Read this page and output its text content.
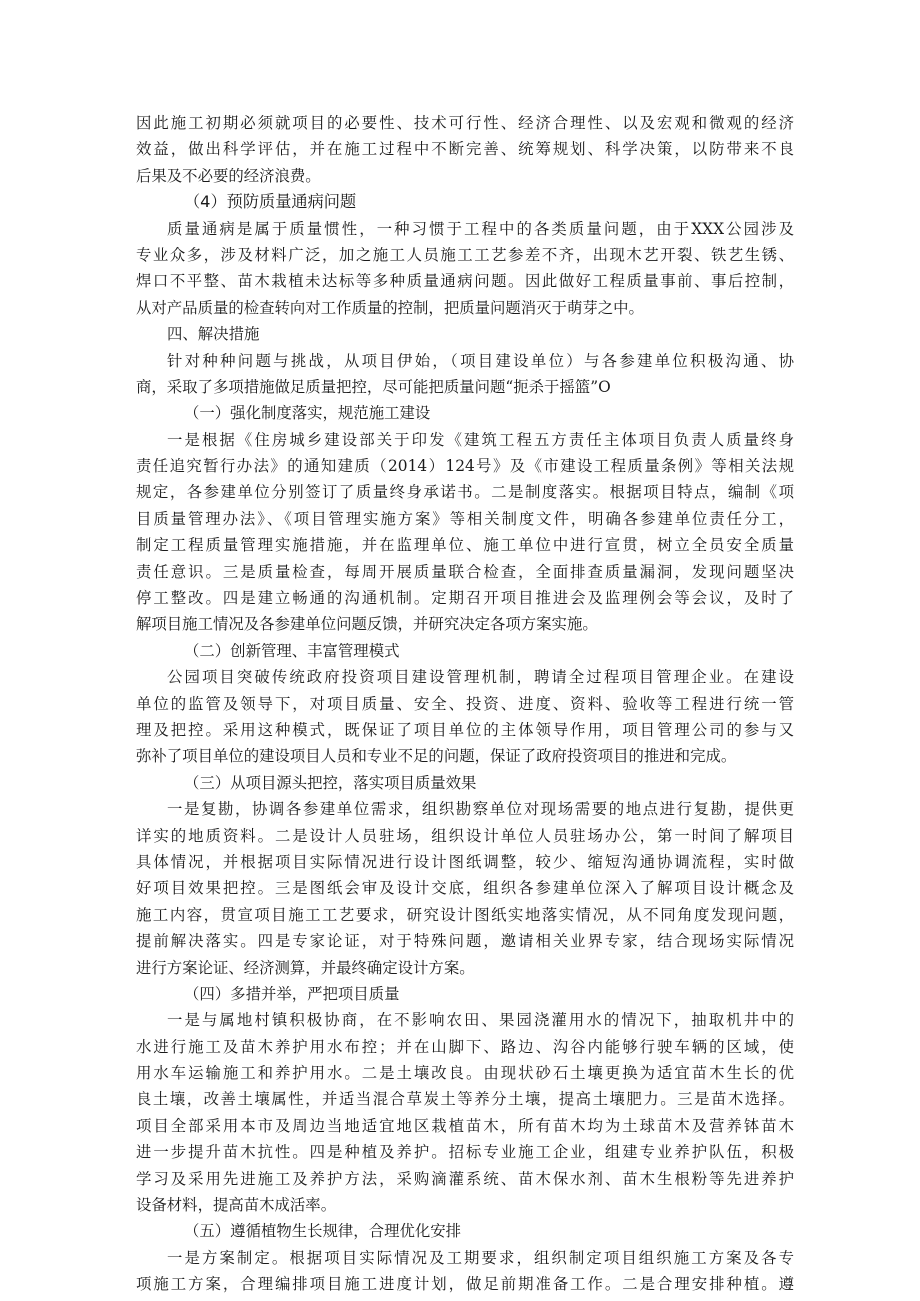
因此施工初期必须就项目的必要性、技术可行性、经济合理性、以及宏观和微观的经济
效益，做出科学评估，并在施工过程中不断完善、统筹规划、科学决策，以防带来不良
后果及不必要的经济浪费。
（4）预防质量通病问题
质量通病是属于质量惯性，一种习惯于工程中的各类质量问题，由于XXX公园涉及
专业众多，涉及材料广泛，加之施工人员施工工艺参差不齐，出现木艺开裂、铁艺生锈、
焊口不平整、苗木栽植未达标等多种质量通病问题。因此做好工程质量事前、事后控制，
从对产品质量的检查转向对工作质量的控制，把质量问题消灭于萌芽之中。
四、解决措施
针对种种问题与挑战，从项目伊始，（项目建设单位）与各参建单位积极沟通、协
商，采取了多项措施做足质量把控，尽可能把质量问题“扼杀于摇篮”O
（一）强化制度落实，规范施工建设
一是根据《住房城乡建设部关于印发《建筑工程五方责任主体项目负责人质量终身
责任追究暂行办法》的通知建质（2014）124号》及《市建设工程质量条例》等相关法规
规定，各参建单位分别签订了质量终身承诺书。二是制度落实。根据项目特点，编制《项
目质量管理办法》、《项目管理实施方案》等相关制度文件，明确各参建单位责任分工，
制定工程质量管理实施措施，并在监理单位、施工单位中进行宣贯，树立全员安全质量
责任意识。三是质量检查，每周开展质量联合检查，全面排查质量漏洞，发现问题坚决
停工整改。四是建立畅通的沟通机制。定期召开项目推进会及监理例会等会议，及时了
解项目施工情况及各参建单位问题反馈，并研究决定各项方案实施。
（二）创新管理、丰富管理模式
公园项目突破传统政府投资项目建设管理机制，聘请全过程项目管理企业。在建设
单位的监管及领导下，对项目质量、安全、投资、进度、资料、验收等工程进行统一管
理及把控。采用这种模式，既保证了项目单位的主体领导作用，项目管理公司的参与又
弥补了项目单位的建设项目人员和专业不足的问题，保证了政府投资项目的推进和完成。
（三）从项目源头把控，落实项目质量效果
一是复勘，协调各参建单位需求，组织勘察单位对现场需要的地点进行复勘，提供更
详实的地质资料。二是设计人员驻场，组织设计单位人员驻场办公，第一时间了解项目
具体情况，并根据项目实际情况进行设计图纸调整，较少、缩短沟通协调流程，实时做
好项目效果把控。三是图纸会审及设计交底，组织各参建单位深入了解项目设计概念及
施工内容，贯宣项目施工工艺要求，研究设计图纸实地落实情况，从不同角度发现问题，
提前解决落实。四是专家论证，对于特殊问题，邀请相关业界专家，结合现场实际情况
进行方案论证、经济测算，并最终确定设计方案。
（四）多措并举，严把项目质量
一是与属地村镇积极协商，在不影响农田、果园浇灌用水的情况下，抽取机井中的
水进行施工及苗木养护用水布控；并在山脚下、路边、沟谷内能够行驶车辆的区域，使
用水车运输施工和养护用水。二是土壤改良。由现状砂石土壤更换为适宜苗木生长的优
良土壤，改善土壤属性，并适当混合草炭土等养分土壤，提高土壤肥力。三是苗木选择。
项目全部采用本市及周边当地适宜地区栽植苗木，所有苗木均为土球苗木及营养钵苗木
进一步提升苗木抗性。四是种植及养护。招标专业施工企业，组建专业养护队伍，积极
学习及采用先进施工及养护方法，采购滴灌系统、苗木保水剂、苗木生根粉等先进养护
设备材料，提高苗木成活率。
（五）遵循植物生长规律，合理优化安排
一是方案制定。根据项目实际情况及工期要求，组织制定项目组织施工方案及各专
项施工方案，合理编排项目施工进度计划，做足前期准备工作。二是合理安排种植。遵
